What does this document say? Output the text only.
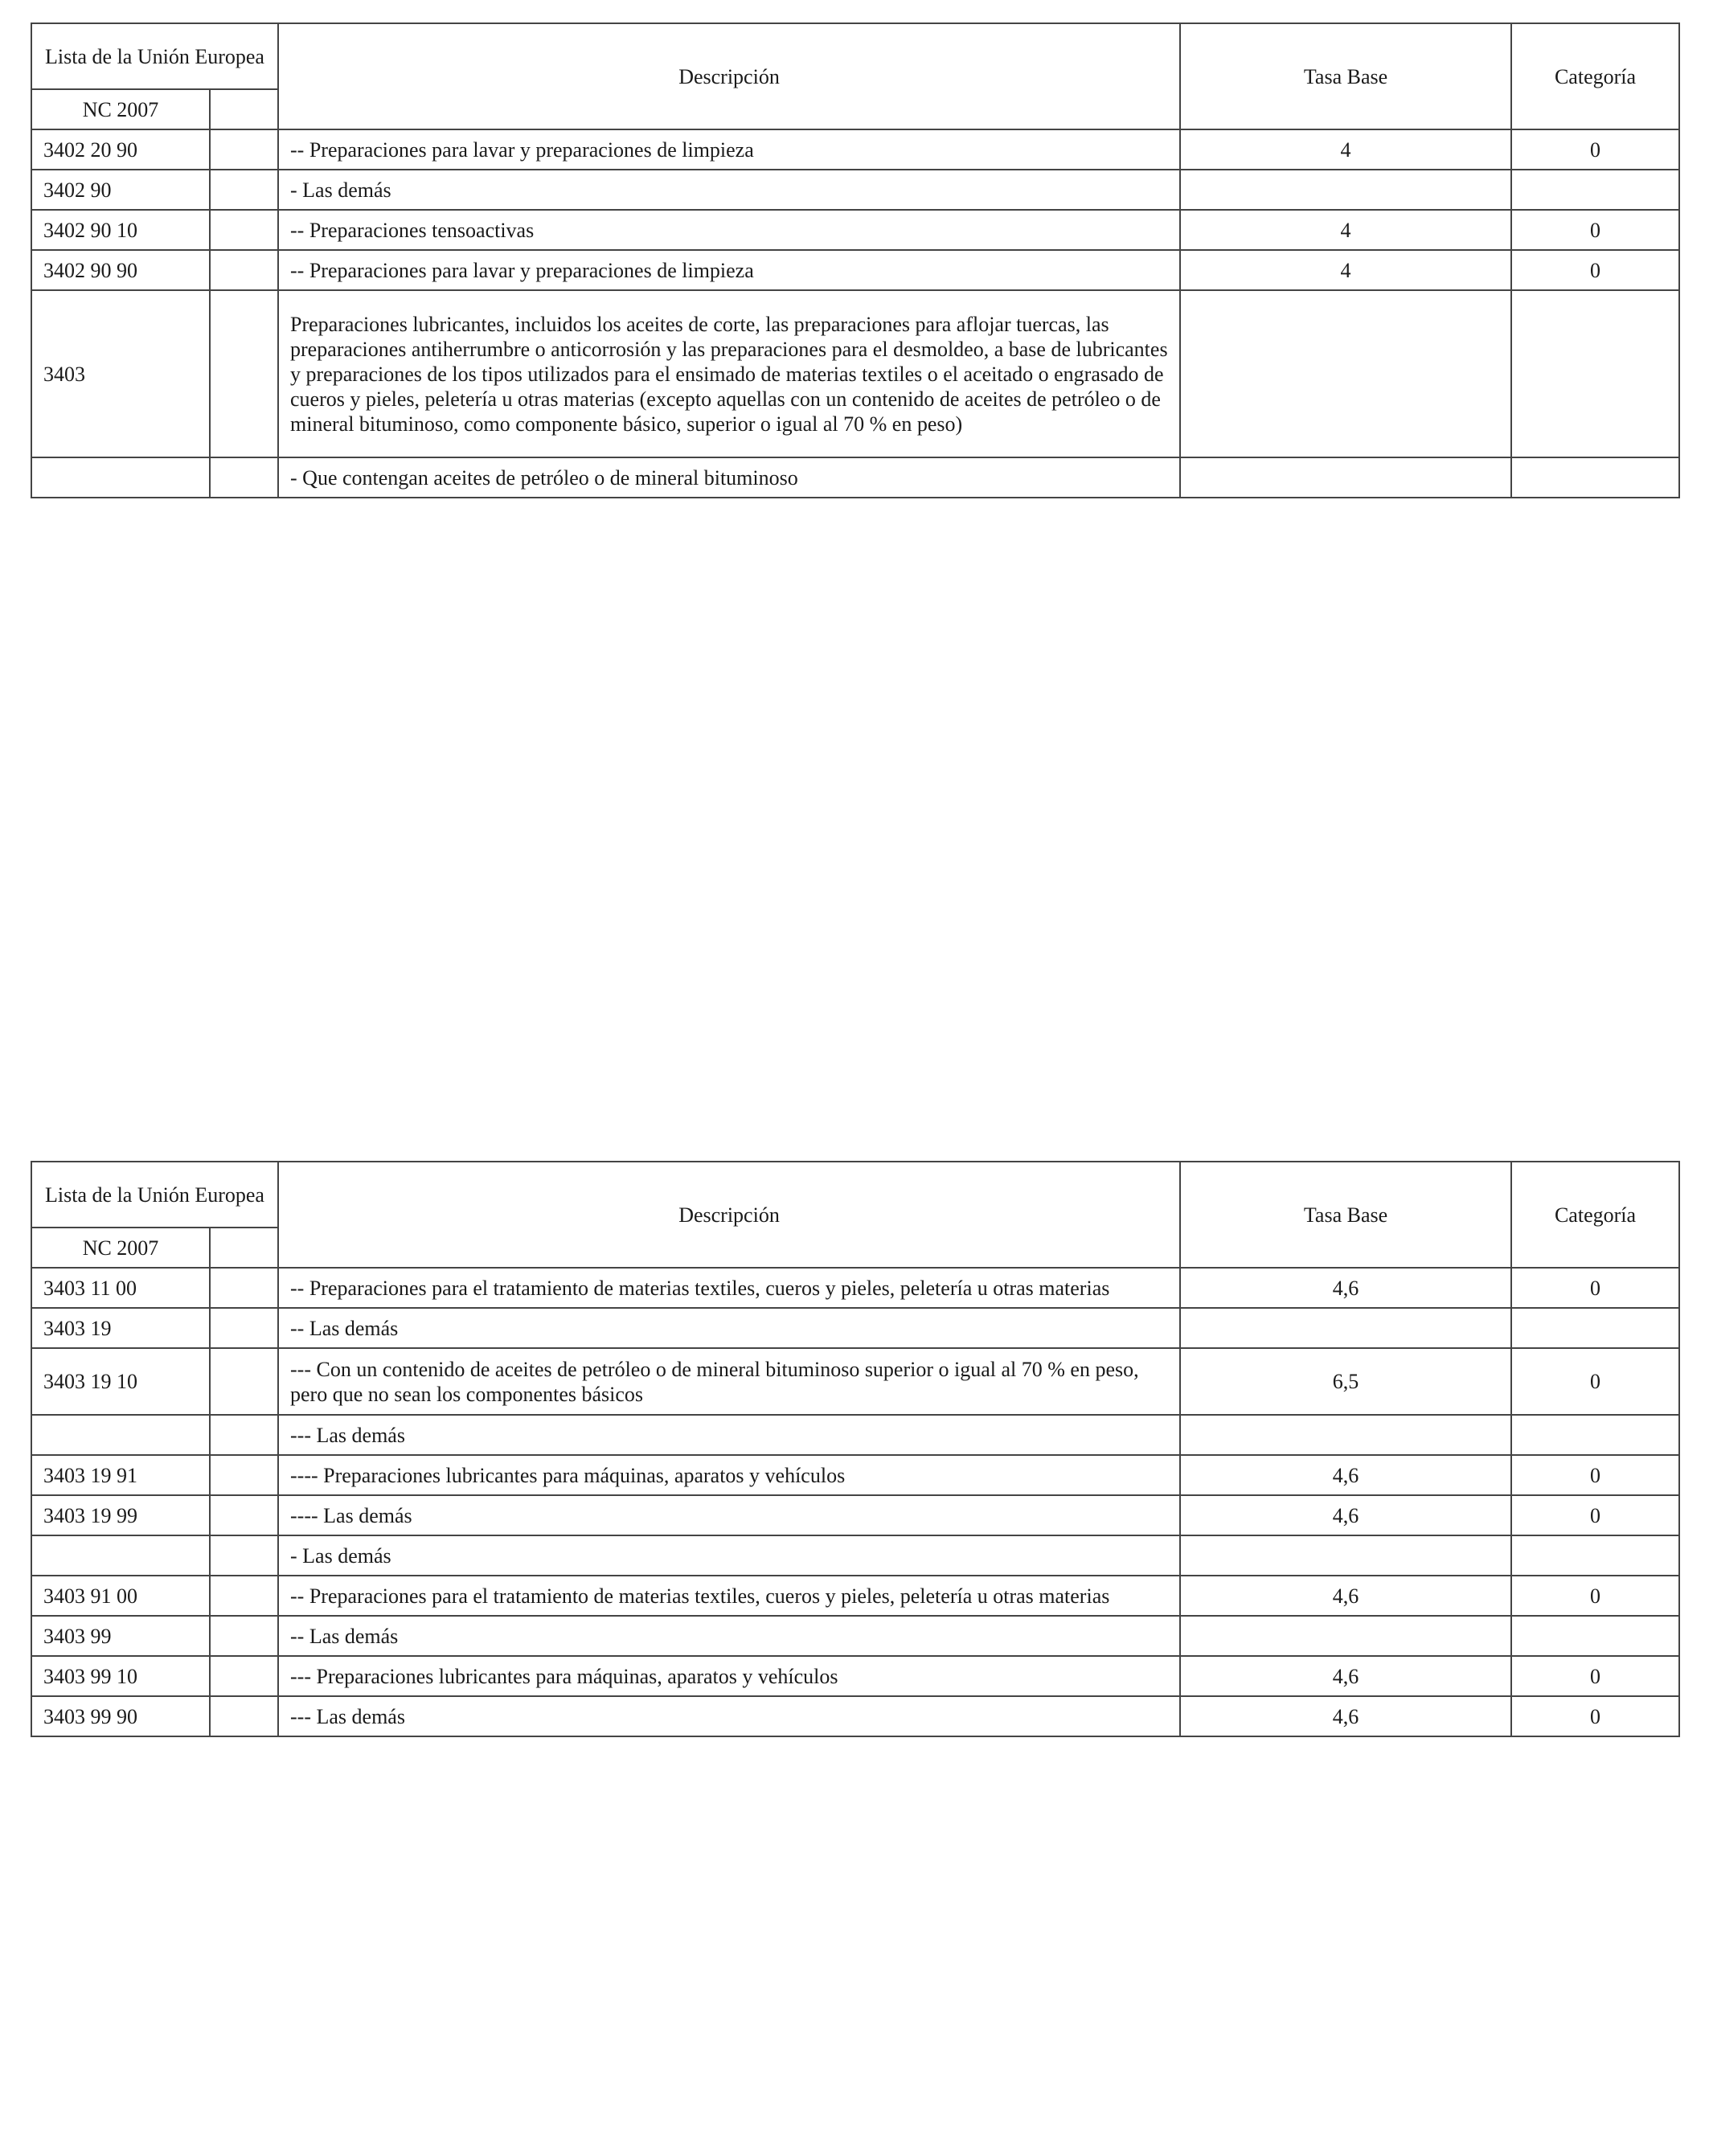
Lista de la Unión Europea		Descripción	Tasa Base	Categoría
NC 2007				
3402 20 90		-- Preparaciones para lavar y preparaciones de limpieza	4	0
3402 90		- Las demás		
3402 90 10		-- Preparaciones tensoactivas	4	0
3402 90 90		-- Preparaciones para lavar y preparaciones de limpieza	4	0
3403		Preparaciones lubricantes, incluidos los aceites de corte, las preparaciones para aflojar tuercas, las preparaciones antiherrumbre o anticorrosión y las preparaciones para el desmoldeo, a base de lubricantes y preparaciones de los tipos utilizados para el ensimado de materias textiles o el aceitado o engrasado de cueros y pieles, peletería u otras materias (excepto aquellas con un contenido de aceites de petróleo o de mineral bituminoso, como componente básico, superior o igual al 70 % en peso)		
		- Que contengan aceites de petróleo o de mineral bituminoso		
Lista de la Unión Europea		Descripción	Tasa Base	Categoría
NC 2007				
3403 11 00		-- Preparaciones para el tratamiento de materias textiles, cueros y pieles, peletería u otras materias	4,6	0
3403 19		-- Las demás		
3403 19 10		--- Con un contenido de aceites de petróleo o de mineral bituminoso superior o igual al 70 % en peso, pero que no sean los componentes básicos	6,5	0
		--- Las demás		
3403 19 91		---- Preparaciones lubricantes para máquinas, aparatos y vehículos	4,6	0
3403 19 99		---- Las demás	4,6	0
		- Las demás		
3403 91 00		-- Preparaciones para el tratamiento de materias textiles, cueros y pieles, peletería u otras materias	4,6	0
3403 99		-- Las demás		
3403 99 10		--- Preparaciones lubricantes para máquinas, aparatos y vehículos	4,6	0
3403 99 90		--- Las demás	4,6	0
